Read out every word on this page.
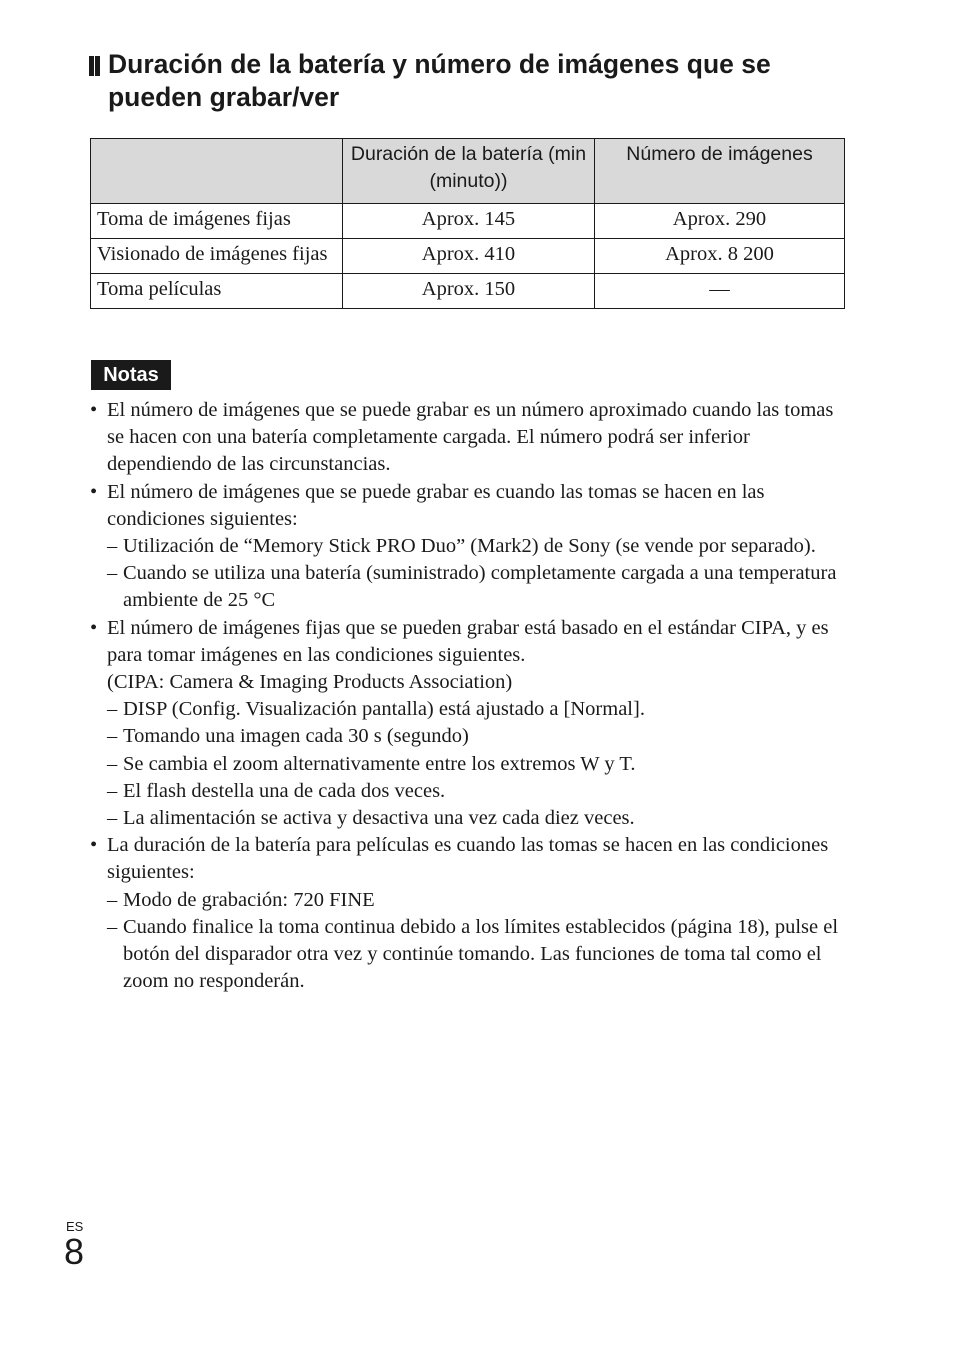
Duración de la batería y número de imágenes que se pueden grabar/ver
	Duración de la batería (min (minuto))	Número de imágenes
Toma de imágenes fijas	Aprox. 145	Aprox. 290
Visionado de imágenes fijas	Aprox. 410	Aprox. 8 200
Toma películas	Aprox. 150	—
Notas
• El número de imágenes que se puede grabar es un número aproximado cuando las tomas se hacen con una batería completamente cargada. El número podrá ser inferior dependiendo de las circunstancias.
• El número de imágenes que se puede grabar es cuando las tomas se hacen en las condiciones siguientes:
– Utilización de “Memory Stick PRO Duo” (Mark2) de Sony (se vende por separado).
– Cuando se utiliza una batería (suministrado) completamente cargada a una temperatura ambiente de 25 °C
• El número de imágenes fijas que se pueden grabar está basado en el estándar CIPA, y es para tomar imágenes en las condiciones siguientes.
(CIPA: Camera & Imaging Products Association)
– DISP (Config. Visualización pantalla) está ajustado a [Normal].
– Tomando una imagen cada 30 s (segundo)
– Se cambia el zoom alternativamente entre los extremos W y T.
– El flash destella una de cada dos veces.
– La alimentación se activa y desactiva una vez cada diez veces.
• La duración de la batería para películas es cuando las tomas se hacen en las condiciones siguientes:
– Modo de grabación: 720 FINE
– Cuando finalice la toma continua debido a los límites establecidos (página 18), pulse el botón del disparador otra vez y continúe tomando. Las funciones de toma tal como el zoom no responderán.
ES
8
